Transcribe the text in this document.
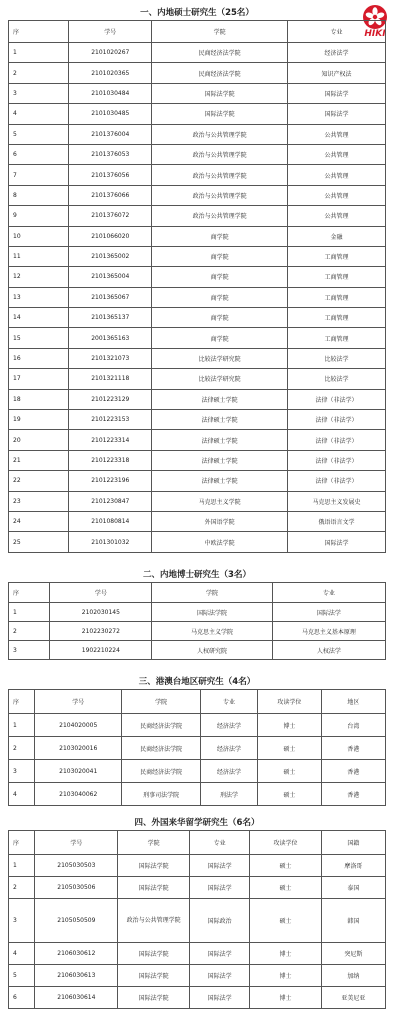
HIKI
一、内地硕士研究生（25名）
序	学号	学院	专业
1	2101020267	民商经济法学院	经济法学
2	2101020365	民商经济法学院	知识产权法
3	2101030484	国际法学院	国际法学
4	2101030485	国际法学院	国际法学
5	2101376004	政治与公共管理学院	公共管理
6	2101376053	政治与公共管理学院	公共管理
7	2101376056	政治与公共管理学院	公共管理
8	2101376066	政治与公共管理学院	公共管理
9	2101376072	政治与公共管理学院	公共管理
10	2101066020	商学院	金融
11	2101365002	商学院	工商管理
12	2101365004	商学院	工商管理
13	2101365067	商学院	工商管理
14	2101365137	商学院	工商管理
15	2001365163	商学院	工商管理
16	2101321073	比较法学研究院	比较法学
17	2101321118	比较法学研究院	比较法学
18	2101223129	法律硕士学院	法律（非法学）
19	2101223153	法律硕士学院	法律（非法学）
20	2101223314	法律硕士学院	法律（非法学）
21	2101223318	法律硕士学院	法律（非法学）
22	2101223196	法律硕士学院	法律（非法学）
23	2101230847	马克思主义学院	马克思主义发展史
24	2101080814	外国语学院	俄语语言文学
25	2101301032	中欧法学院	国际法学
二、内地博士研究生（3名）
序	学号	学院	专业
1	2102030145	国际法学院	国际法学
2	2102230272	马克思主义学院	马克思主义基本原理
3	1902210224	人权研究院	人权法学
三、港澳台地区研究生（4名）
序	学号	学院	专业	攻读学位	地区
1	2104020005	民商经济法学院	经济法学	博士	台湾
2	2103020016	民商经济法学院	经济法学	硕士	香港
3	2103020041	民商经济法学院	经济法学	硕士	香港
4	2103040062	刑事司法学院	刑法学	硕士	香港
四、外国来华留学研究生（6名）
序	学号	学院	专业	攻读学位	国籍
1	2105030503	国际法学院	国际法学	硕士	摩洛哥
2	2105030506	国际法学院	国际法学	硕士	泰国
3	2105050509	政治与公共管理学院	国际政治	硕士	韩国
4	2106030612	国际法学院	国际法学	博士	突尼斯
5	2106030613	国际法学院	国际法学	博士	加纳
6	2106030614	国际法学院	国际法学	博士	亚美尼亚
